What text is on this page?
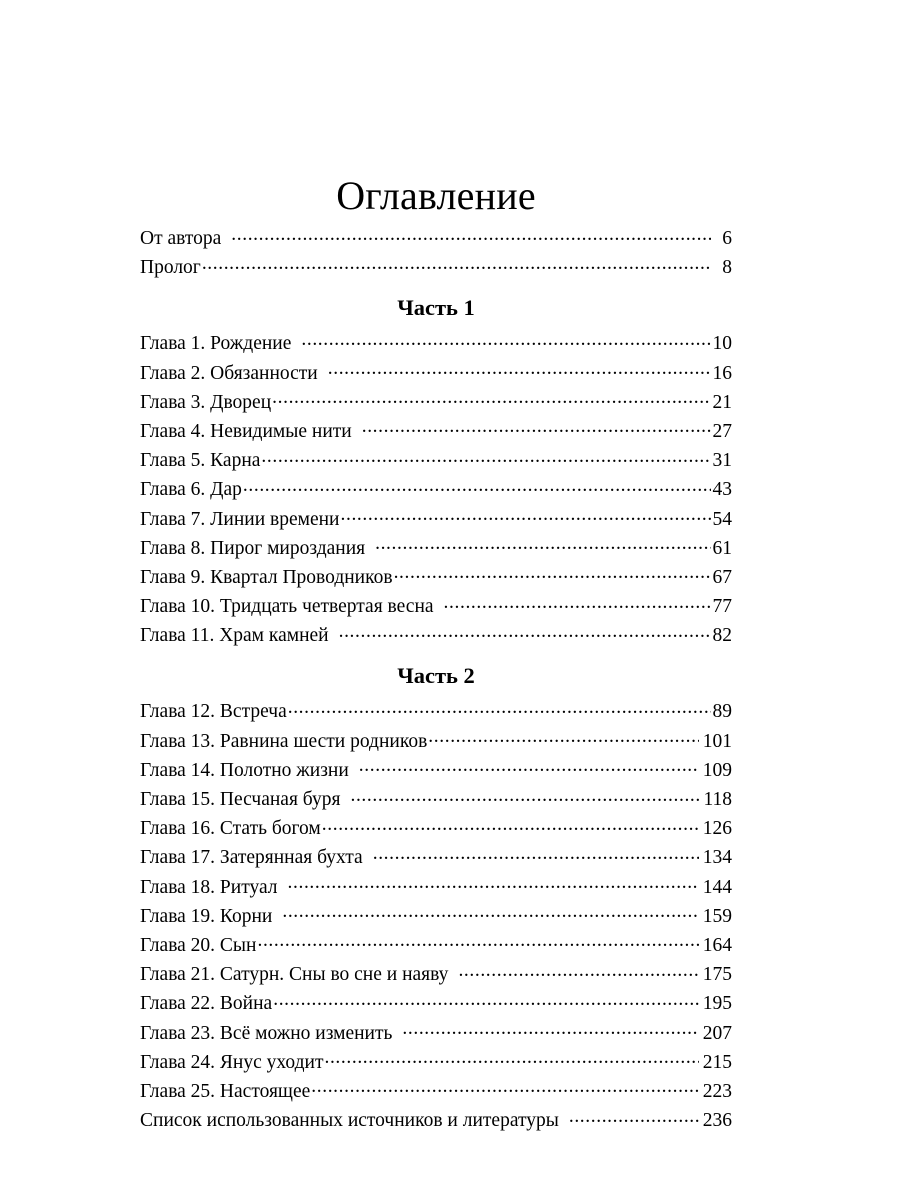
Оглавление
От автора .....	6
Пролог .....	8
Часть 1
Глава 1. Рождение .....	10
Глава 2. Обязанности .....	16
Глава 3. Дворец .....	21
Глава 4. Невидимые нити .....	27
Глава 5. Карна .....	31
Глава 6. Дар .....	43
Глава 7. Линии времени .....	54
Глава 8. Пирог мироздания .....	61
Глава 9. Квартал Проводников .....	67
Глава 10. Тридцать четвертая весна .....	77
Глава 11. Храм камней .....	82
Часть 2
Глава 12. Встреча .....	89
Глава 13. Равнина шести родников .....	101
Глава 14. Полотно жизни .....	109
Глава 15. Песчаная буря .....	118
Глава 16. Стать богом .....	126
Глава 17. Затерянная бухта .....	134
Глава 18. Ритуал .....	144
Глава 19. Корни .....	159
Глава 20. Сын .....	164
Глава 21. Сатурн. Сны во сне и наяву .....	175
Глава 22. Война .....	195
Глава 23. Всё можно изменить .....	207
Глава 24. Янус уходит .....	215
Глава 25. Настоящее .....	223
Список использованных источников и литературы .....	236
